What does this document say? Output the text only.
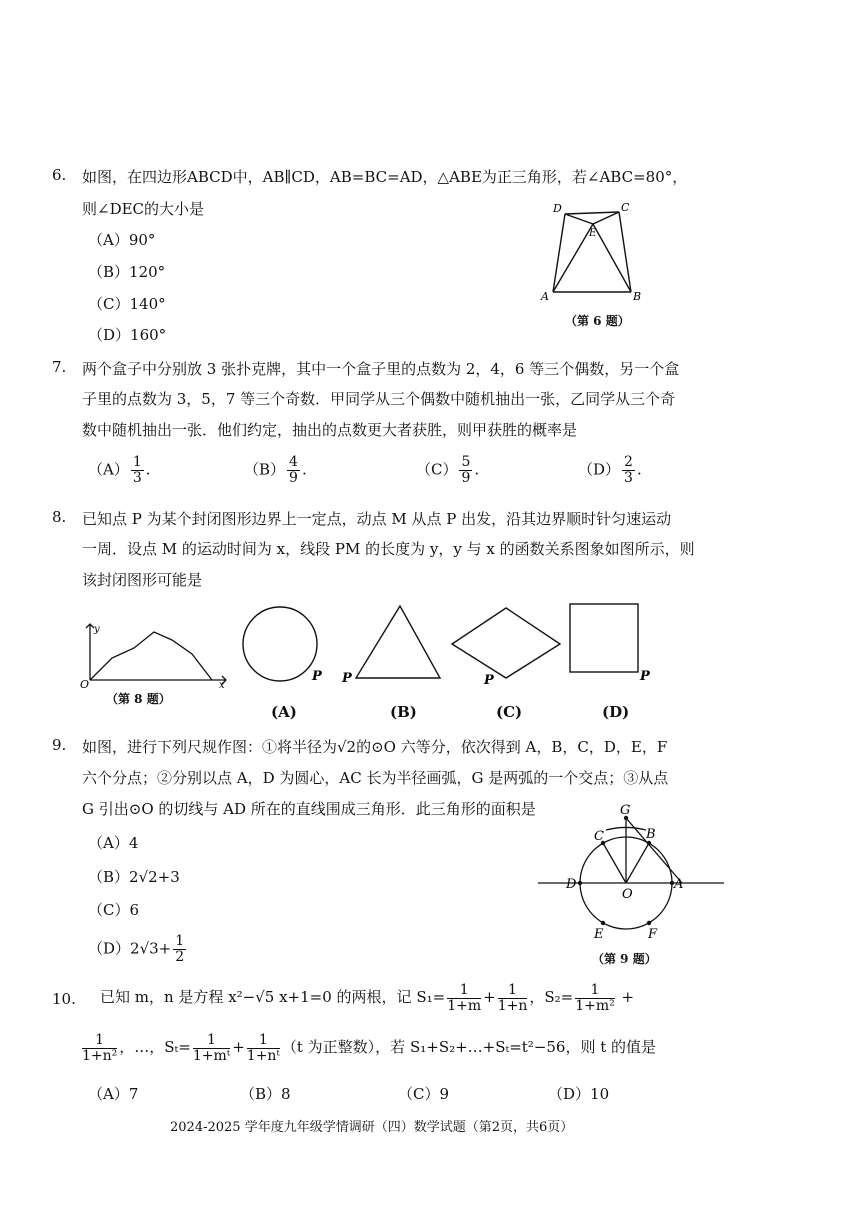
6. 如图，在四边形ABCD中，AB∥CD，AB=BC=AD，△ABE为正三角形，若∠ABC=80°，
则∠DEC的大小是
（A）90°
（B）120°
（C）140°
（D）160°
D	C
A	B
E
（第 6 题）
7. 两个盒子中分别放 3 张扑克牌，其中一个盒子里的点数为 2，4，6 等三个偶数，另一个盒
子里的点数为 3，5，7 等三个奇数．甲同学从三个偶数中随机抽出一张，乙同学从三个奇
数中随机抽出一张．他们约定，抽出的点数更大者获胜，则甲获胜的概率是
$(A) \frac{1}{3}$ .	$(B) \frac{4}{9}$ .	$(C) \frac{5}{9}$ .	$(D) \frac{2}{3}$ .
8. 已知点 P 为某个封闭图形边界上一定点，动点 M 从点 P 出发，沿其边界顺时针匀速运动
一周．设点 M 的运动时间为 x，线段 PM 的长度为 y，y 与 x 的函数关系图象如图所示，则
该封闭图形可能是
y
x
O
（第 8 题）
P P	P	P
(A)	(B)	(C)	(D)
9. 如图，进行下列尺规作图：①将半径为√2的⊙O 六等分，依次得到 A，B，C，D，E，F
六个分点；②分别以点 A，D 为圆心，AC 长为半径画弧，G 是两弧的一个交点；③从点
G 引出⊙O 的切线与 AD 所在的直线围成三角形．此三角形的面积是
（A）4
（B）2√2+3
（C）6
$(D)2√3+ \frac{1}{2}$
G
C	B
D	A
O
E	F
（第 9 题）
10. 已知 m，n 是方程 x²−√5 x+1=0 的两根，记 $S_1= \frac{1}{1+m} + \frac{1}{1+n}$ ，$S_2= \frac{1}{\text{1+m²}}$ +
$\frac{1}{\text{1+n²}}$ ，…，$S_t= \frac{1}{\text{1+mᵗ}} + \frac{1}{\text{1+nᵗ}} (t$ 为正整数），若 S₁+S₂+…+Sₜ=t²−56，则 t 的值是
（A）7	（B）8	（C）9	（D）10
2024-2025 学年度九年级学情调研（四）数学试题（第2页，共6页）
